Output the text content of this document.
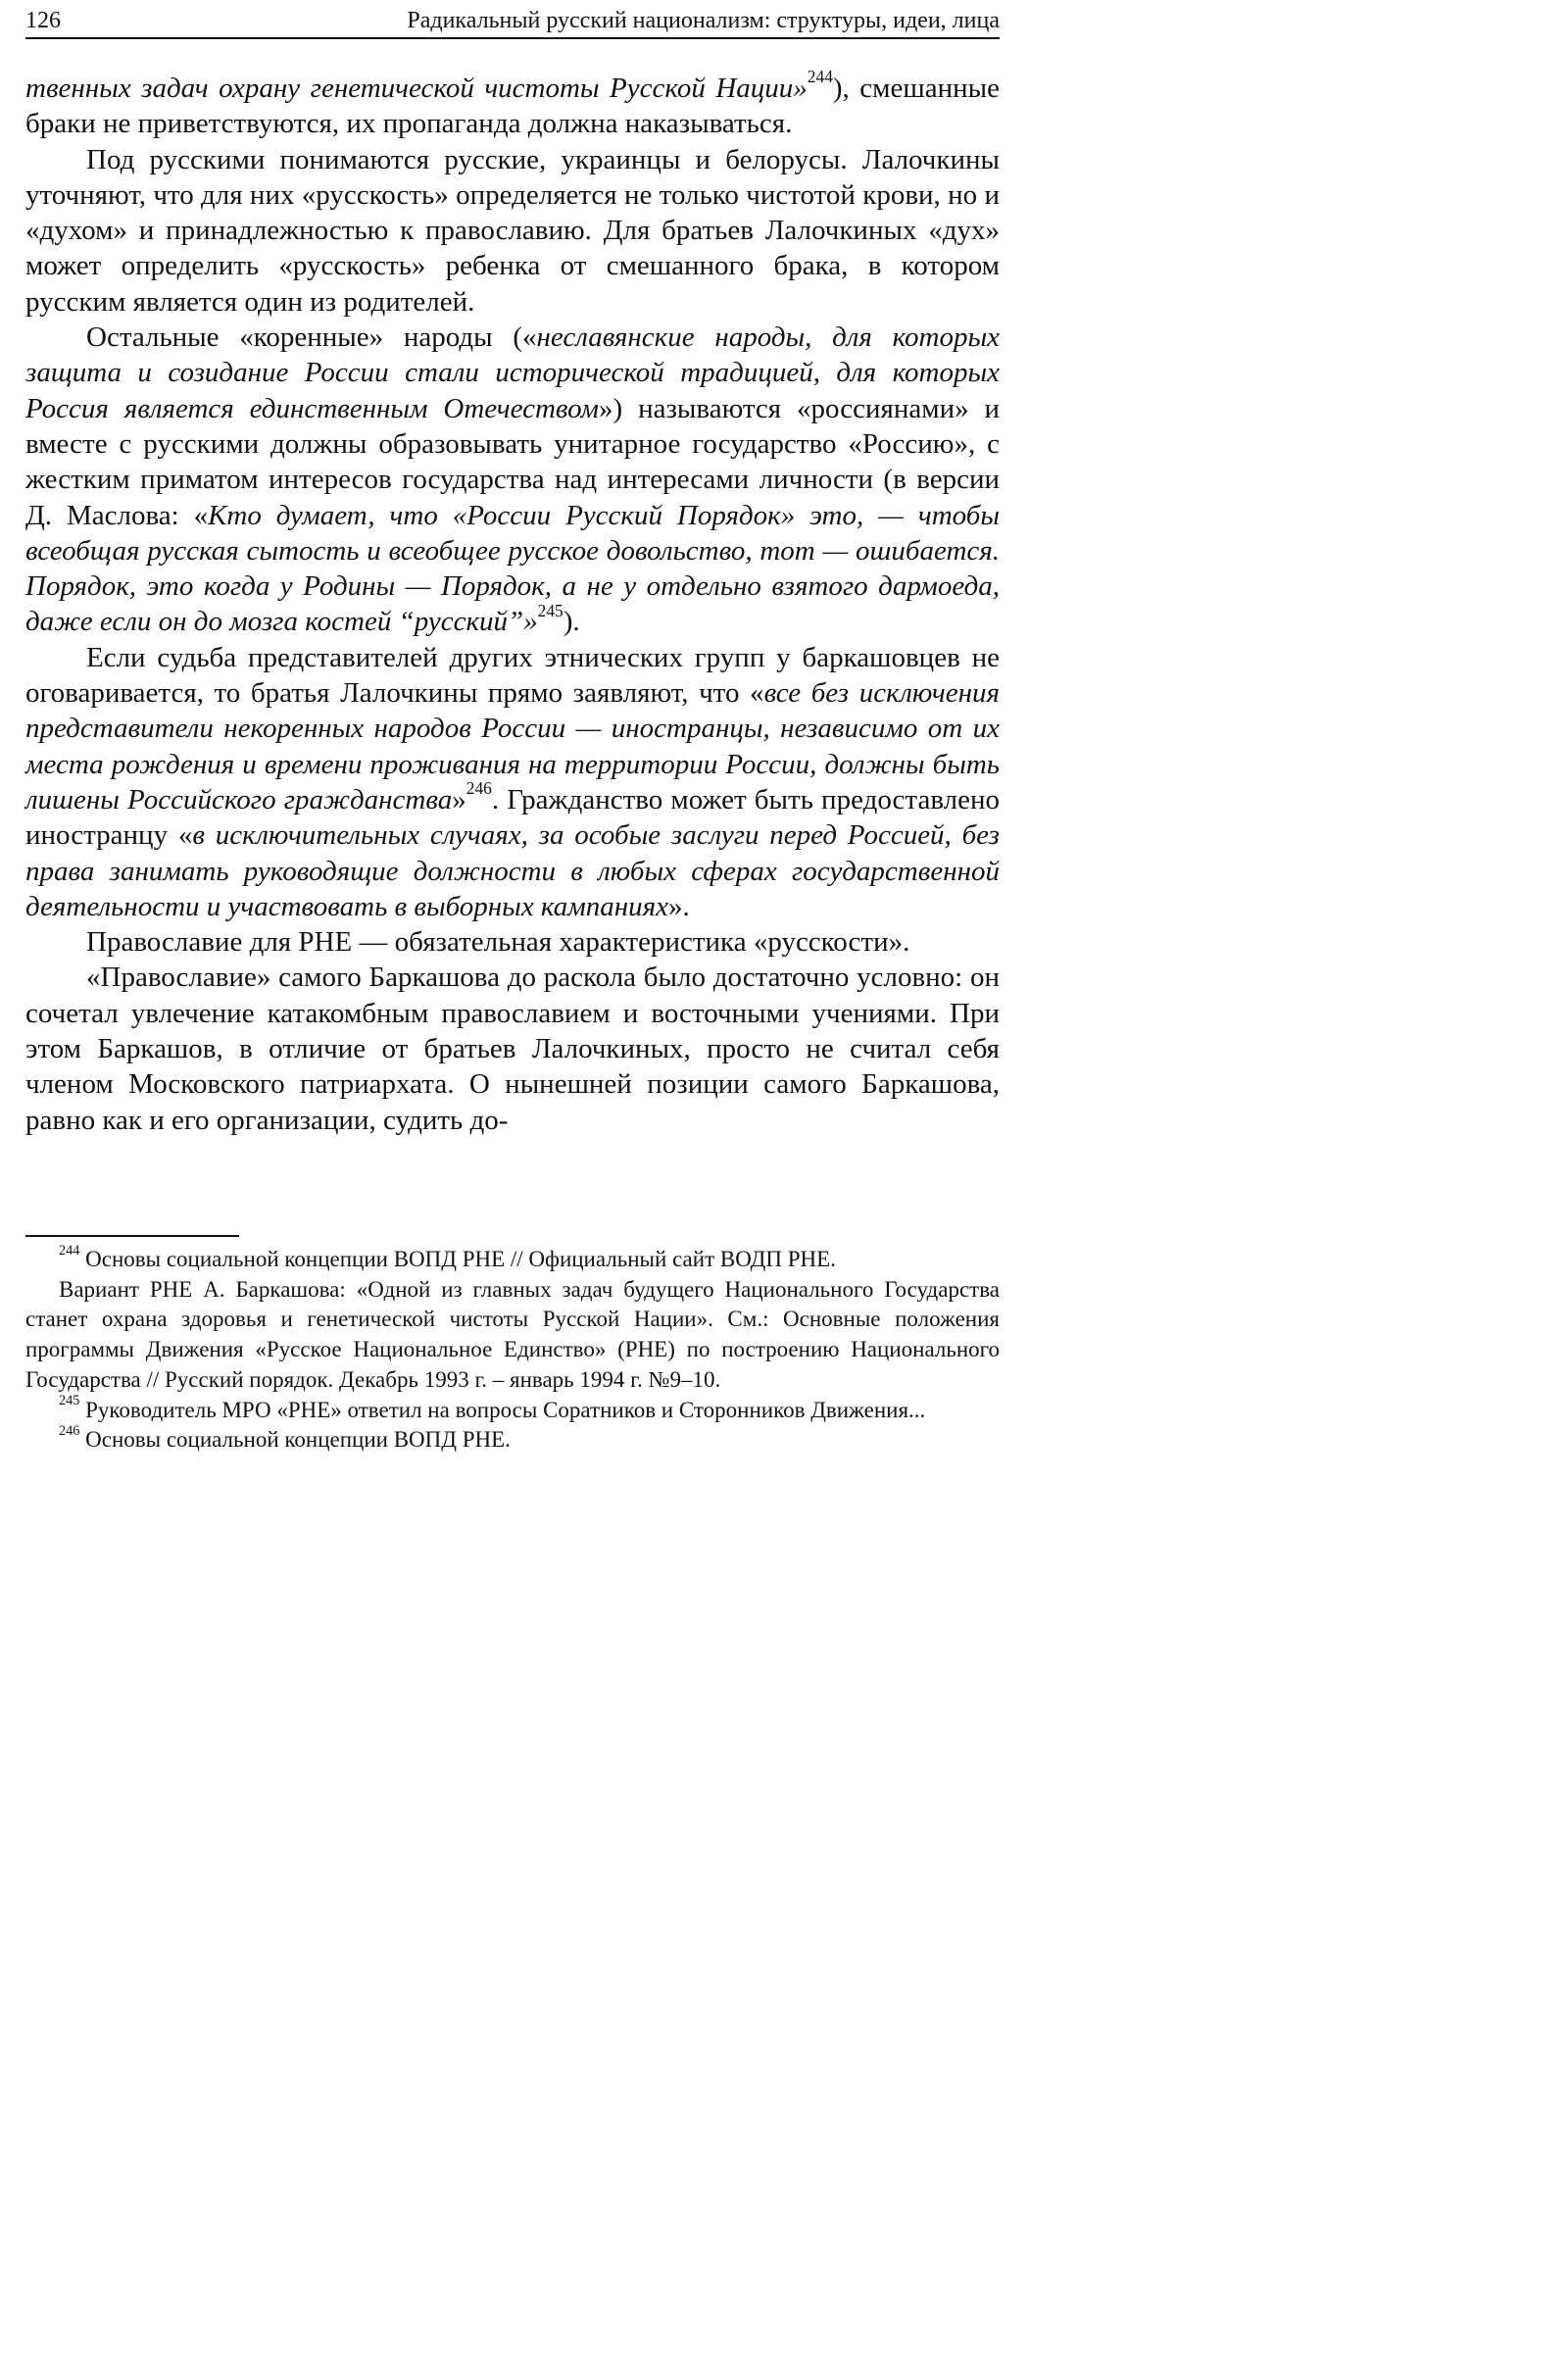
126	Радикальный русский национализм: структуры, идеи, лица

твенных задач охрану генетической чистоты Русской Нации»$^{244}$), смешанные браки не приветствуются, их пропаганда должна наказываться.

Под русскими понимаются русские, украинцы и белорусы. Лалочкины уточняют, что для них «русскость» определяется не только чистотой крови, но и «духом» и принадлежностью к православию. Для братьев Лалочкиных «дух» может определить «русскость» ребенка от смешанного брака, в котором русским является один из родителей.

Остальные «коренные» народы («неславянские народы, для которых защита и созидание России стали исторической традицией, для которых Россия является единственным Отечеством») называются «россиянами» и вместе с русскими должны образовывать унитарное государство «Россию», с жестким приматом интересов государства над интересами личности (в версии Д. Маслова: «Кто думает, что «России Русский Порядок» это, — чтобы всеобщая русская сытость и всеобщее русское довольство, тот — ошибается. Порядок, это когда у Родины — Порядок, а не у отдельно взятого дармоеда, даже если он до мозга костей “русский”»$^{245}$).

Если судьба представителей других этнических групп у баркашовцев не оговаривается, то братья Лалочкины прямо заявляют, что «все без исключения представители некоренных народов России — иностранцы, независимо от их места рождения и времени проживания на территории России, должны быть лишены Российского гражданства»$^{246}$. Гражданство может быть предоставлено иностранцу «в исключительных случаях, за особые заслуги перед Россией, без права занимать руководящие должности в любых сферах государственной деятельности и участвовать в выборных кампаниях».

Православие для РНЕ — обязательная характеристика «русскости».

«Православие» самого Баркашова до раскола было достаточно условно: он сочетал увлечение катакомбным православием и восточными учениями. При этом Баркашов, в отличие от братьев Лалочкиных, просто не считал себя членом Московского патриархата. О нынешней позиции самого Баркашова, равно как и его организации, судить до-

$^{244}$ Основы социальной концепции ВОПД РНЕ // Официальный сайт ВОДП РНЕ.

Вариант РНЕ А. Баркашова: «Одной из главных задач будущего Национального Государства станет охрана здоровья и генетической чистоты Русской Нации». См.: Основные положения программы Движения «Русское Национальное Единство» (РНЕ) по построению Национального Государства // Русский порядок. Декабрь 1993 г. – январь 1994 г. №9–10.

$^{245}$ Руководитель МРО «РНЕ» ответил на вопросы Соратников и Сторонников Движения...

$^{246}$ Основы социальной концепции ВОПД РНЕ.
